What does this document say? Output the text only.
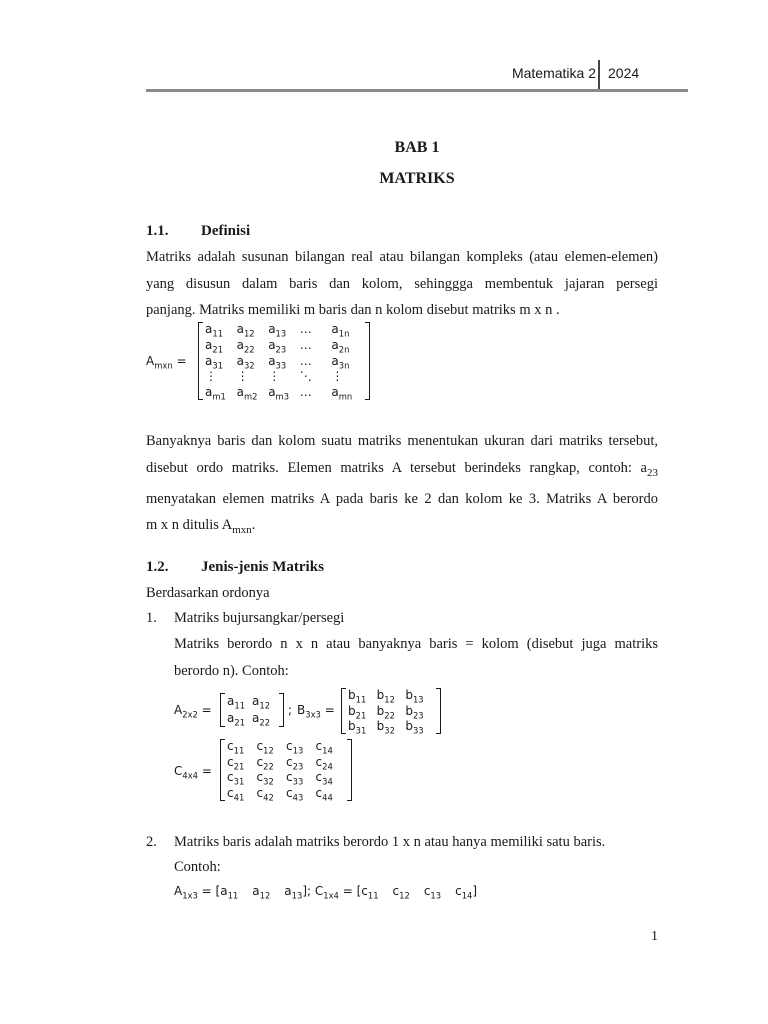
Matematika 2 2024
BAB 1
MATRIKS
1.1. Definisi
Matriks adalah susunan bilangan real atau bilangan kompleks (atau elemen-elemen)
yang disusun dalam baris dan kolom, sehinggga membentuk jajaran persegi
panjang. Matriks memiliki m baris dan n kolom disebut matriks m x n .
$A_{mxn}$ =
$a_{11}$ $a_{12}$ $a_{13}$ … $a_{1n}$
$a_{21}$ $a_{22}$ $a_{23}$ … $a_{2n}$
$a_{31}$ $a_{32}$ $a_{33}$ … $a_{3n}$
⋮ ⋮ ⋮ ⋱ ⋮
$a_{m1}$ $a_{m2}$ $a_{m3}$ … $a_{mn}$
Banyaknya baris dan kolom suatu matriks menentukan ukuran dari matriks tersebut,
disebut ordo matriks. Elemen matriks A tersebut berindeks rangkap, contoh: $a_{23}$
menyatakan elemen matriks A pada baris ke 2 dan kolom ke 3. Matriks A berordo
m x n ditulis $A_{mxn}$.
1.2. Jenis-jenis Matriks
Berdasarkan ordonya
1. Matriks bujursangkar/persegi
Matriks berordo n x n atau banyaknya baris = kolom (disebut juga matriks
berordo n). Contoh:
$A_{2x2}$ =
$a_{11}$ $a_{12}$
$a_{21}$ $a_{22}$
; $B_{3x3}$ =
$b_{11}$ $b_{12}$ $b_{13}$
$b_{21}$ $b_{22}$ $b_{23}$
$b_{31}$ $b_{32}$ $b_{33}$
$C_{4x4}$ =
$c_{11}$ $c_{12}$ $c_{13}$ $c_{14}$
$c_{21}$ $c_{22}$ $c_{23}$ $c_{24}$
$c_{31}$ $c_{32}$ $c_{33}$ $c_{34}$
$c_{41}$ $c_{42}$ $c_{43}$ $c_{44}$
2. Matriks baris adalah matriks berordo 1 x n atau hanya memiliki satu baris.
Contoh:
$A_{1x3} = [a_{11}$ $a_{12}$ $a_{13}$]; $C_{1x4} = [c_{11}$ $c_{12}$ $c_{13}$ $c_{14}$]
1
